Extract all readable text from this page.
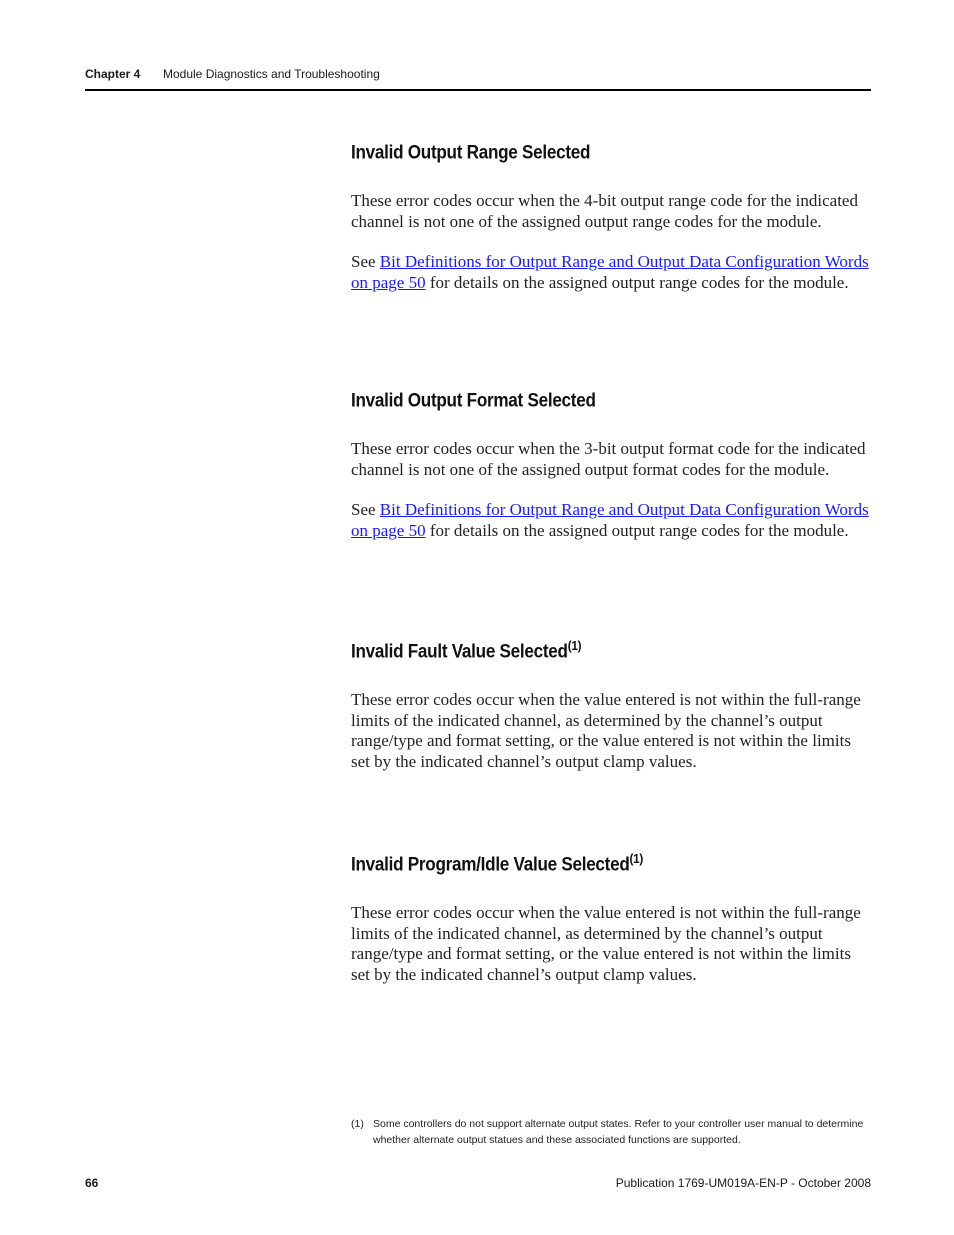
Chapter 4 Module Diagnostics and Troubleshooting
Invalid Output Range Selected

These error codes occur when the 4-bit output range code for the indicated channel is not one of the assigned output range codes for the module.

See Bit Definitions for Output Range and Output Data Configuration Words on page 50 for details on the assigned output range codes for the module.

Invalid Output Format Selected

These error codes occur when the 3-bit output format code for the indicated channel is not one of the assigned output format codes for the module.

See Bit Definitions for Output Range and Output Data Configuration Words on page 50 for details on the assigned output range codes for the module.

Invalid Fault Value Selected$^{(1)}$

These error codes occur when the value entered is not within the full-range limits of the indicated channel, as determined by the channel’s output range/type and format setting, or the value entered is not within the limits set by the indicated channel’s output clamp values.

Invalid Program/Idle Value Selected$^{(1)}$

These error codes occur when the value entered is not within the full-range limits of the indicated channel, as determined by the channel’s output range/type and format setting, or the value entered is not within the limits set by the indicated channel’s output clamp values.

(1) Some controllers do not support alternate output states. Refer to your controller user manual to determine whether alternate output statues and these associated functions are supported.
66	Publication 1769-UM019A-EN-P - October 2008
